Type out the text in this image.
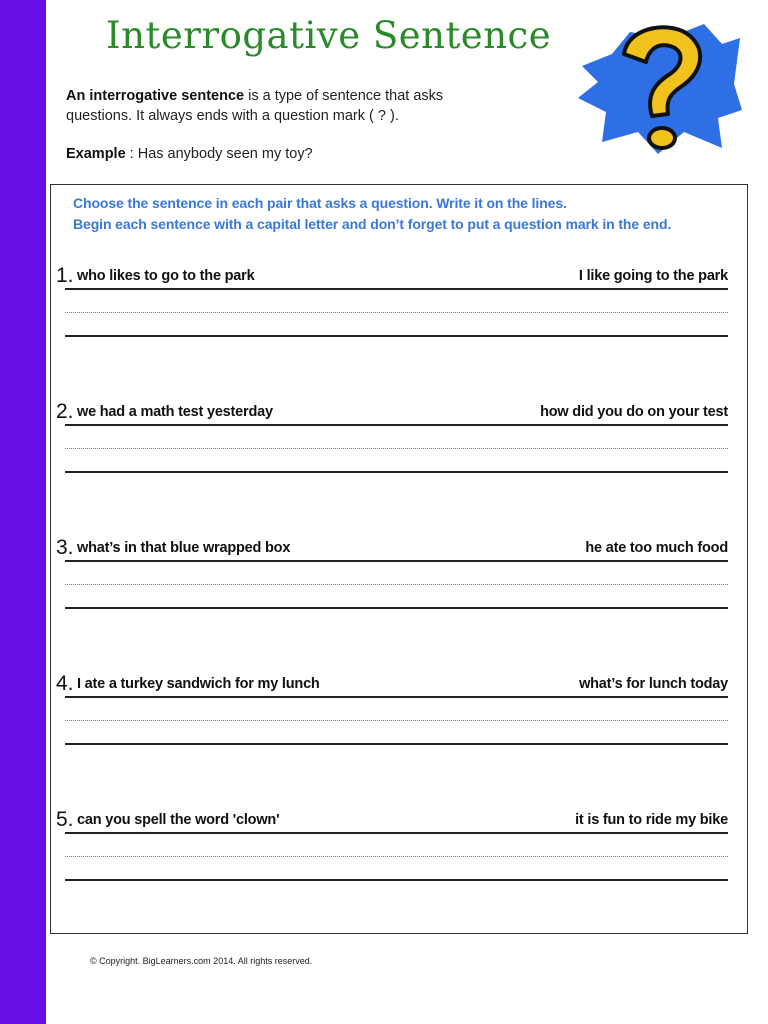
Interrogative Sentence

An interrogative sentence is a type of sentence that asks
questions. It always ends with a question mark ( ? ).

Example : Has anybody seen my toy?

Choose the sentence in each pair that asks a question. Write it on the lines.
Begin each sentence with a capital letter and don’t forget to put a question mark in the end.
1. who likes to go to the park	I like going to the park
2. we had a math test yesterday	how did you do on your test
3. what’s in that blue wrapped box	he ate too much food
4. I ate a turkey sandwich for my lunch	what’s for lunch today
5. can you spell the word 'clown'	it is fun to ride my bike

© Copyright. BigLearners.com 2014. All rights reserved.
